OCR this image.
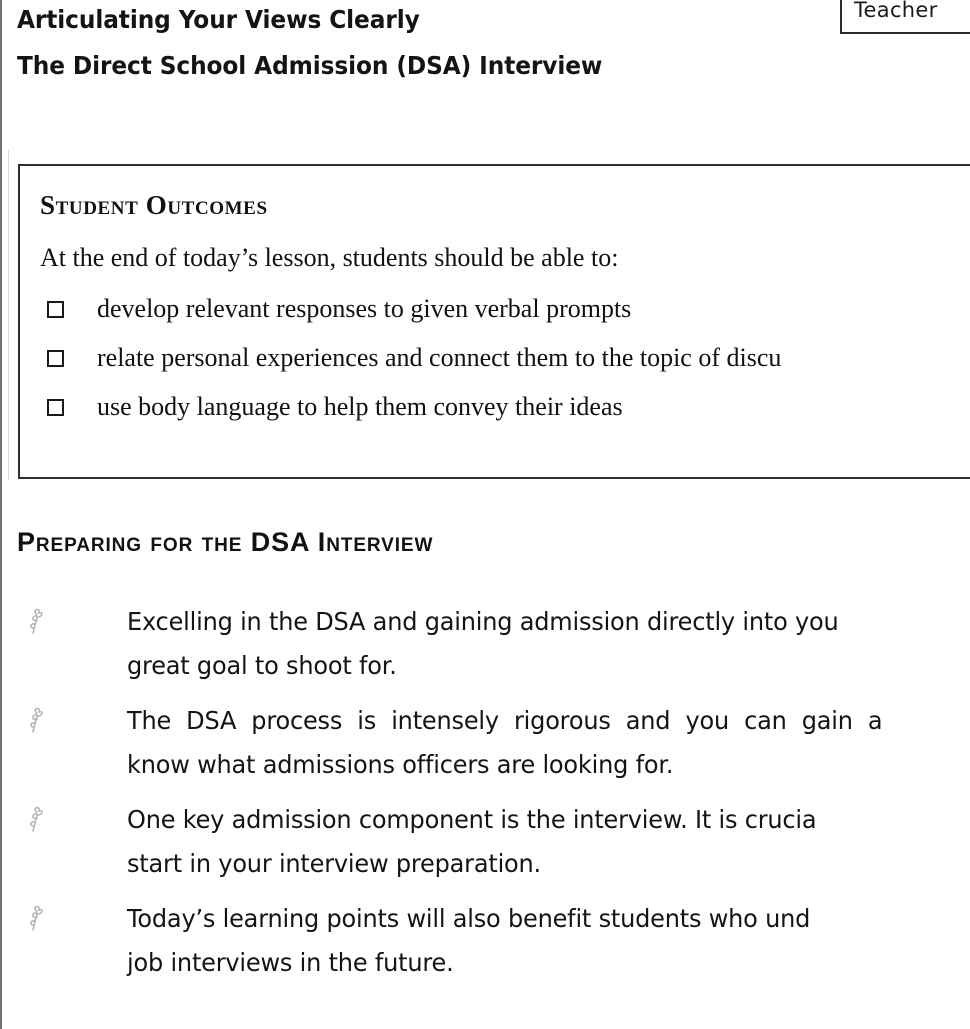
Articulating Your Views Clearly
The Direct School Admission (DSA) Interview
Teacher
Student Outcomes
At the end of today’s lesson, students should be able to:
develop relevant responses to given verbal prompts
relate personal experiences and connect them to the topic of discu
use body language to help them convey their ideas
Preparing for the DSA Interview
Excelling in the DSA and gaining admission directly into you
great goal to shoot for.
The DSA process is intensely rigorous and you can gain a
know what admissions officers are looking for.
One key admission component is the interview. It is crucia
start in your interview preparation.
Today’s learning points will also benefit students who und
job interviews in the future.
